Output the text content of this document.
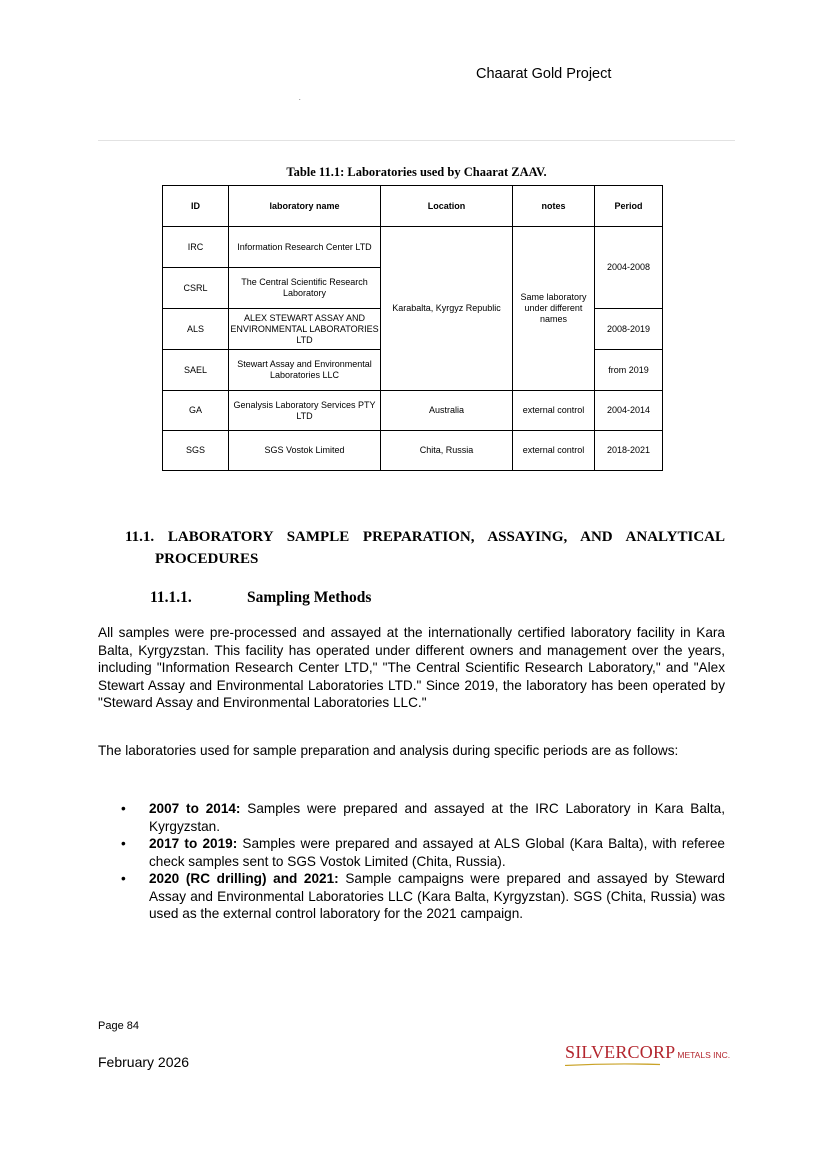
Chaarat Gold Project
.
Table 11.1: Laboratories used by Chaarat ZAAV.
ID	laboratory name	Location	notes	Period
IRC	Information Research Center LTD	Karabalta, Kyrgyz Republic	Same laboratory under different names	2004-2008
CSRL	The Central Scientific Research Laboratory			
ALS	ALEX STEWART ASSAY AND ENVIRONMENTAL LABORATORIES LTD			2008-2019
SAEL	Stewart Assay and Environmental Laboratories LLC			from 2019
GA	Genalysis Laboratory Services PTY LTD	Australia	external control	2004-2014
SGS	SGS Vostok Limited	Chita, Russia	external control	2018-2021
11.1. LABORATORY SAMPLE PREPARATION, ASSAYING, AND ANALYTICAL
PROCEDURES
11.1.1.	Sampling Methods
All samples were pre-processed and assayed at the internationally certified laboratory facility in Kara Balta, Kyrgyzstan. This facility has operated under different owners and management over the years, including "Information Research Center LTD," "The Central Scientific Research Laboratory," and "Alex Stewart Assay and Environmental Laboratories LTD." Since 2019, the laboratory has been operated by "Steward Assay and Environmental Laboratories LLC."
The laboratories used for sample preparation and analysis during specific periods are as follows:
• 2007 to 2014: Samples were prepared and assayed at the IRC Laboratory in Kara Balta, Kyrgyzstan.
• 2017 to 2019: Samples were prepared and assayed at ALS Global (Kara Balta), with referee check samples sent to SGS Vostok Limited (Chita, Russia).
• 2020 (RC drilling) and 2021: Sample campaigns were prepared and assayed by Steward Assay and Environmental Laboratories LLC (Kara Balta, Kyrgyzstan). SGS (Chita, Russia) was used as the external control laboratory for the 2021 campaign.
Page 84
February 2026	SILVERCORP METALS INC.
